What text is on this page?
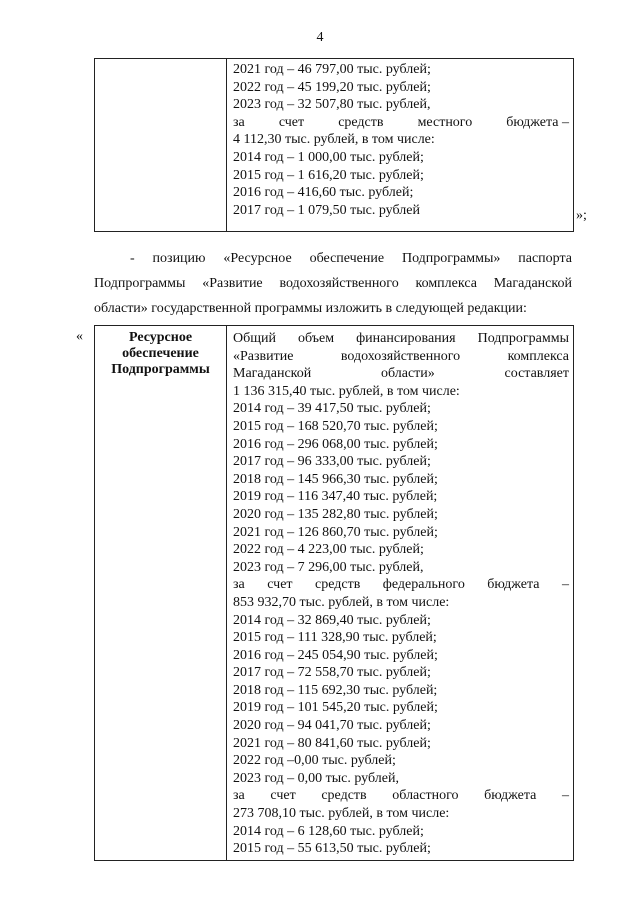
4

2021 год – 46 797,00 тыс. рублей;
2022 год – 45 199,20 тыс. рублей;
2023 год – 32 507,80 тыс. рублей,
за счет средств местного бюджета –
4 112,30 тыс. рублей, в том числе:
2014 год – 1 000,00 тыс. рублей;
2015 год – 1 616,20 тыс. рублей;
2016 год – 416,60 тыс. рублей;
2017 год – 1 079,50 тыс. рублей	»;
- позицию «Ресурсное обеспечение Подпрограммы» паспорта
Подпрограммы «Развитие водохозяйственного комплекса Магаданской
области» государственной программы изложить в следующей редакции:
«	Ресурсное
обеспечение
Подпрограммы

Общий объем финансирования Подпрограммы
«Развитие	водохозяйственного	комплекса
Магаданской	области»	составляет
1 136 315,40 тыс. рублей, в том числе:
2014 год – 39 417,50 тыс. рублей;
2015 год – 168 520,70 тыс. рублей;
2016 год – 296 068,00 тыс. рублей;
2017 год – 96 333,00 тыс. рублей;
2018 год – 145 966,30 тыс. рублей;
2019 год – 116 347,40 тыс. рублей;
2020 год – 135 282,80 тыс. рублей;
2021 год – 126 860,70 тыс. рублей;
2022 год – 4 223,00 тыс. рублей;
2023 год – 7 296,00 тыс. рублей,
за счет средств федерального бюджета –
853 932,70 тыс. рублей, в том числе:
2014 год – 32 869,40 тыс. рублей;
2015 год – 111 328,90 тыс. рублей;
2016 год – 245 054,90 тыс. рублей;
2017 год – 72 558,70 тыс. рублей;
2018 год – 115 692,30 тыс. рублей;
2019 год – 101 545,20 тыс. рублей;
2020 год – 94 041,70 тыс. рублей;
2021 год – 80 841,60 тыс. рублей;
2022 год –0,00 тыс. рублей;
2023 год – 0,00 тыс. рублей,
за счет средств областного бюджета –
273 708,10 тыс. рублей, в том числе:
2014 год – 6 128,60 тыс. рублей;
2015 год – 55 613,50 тыс. рублей;
